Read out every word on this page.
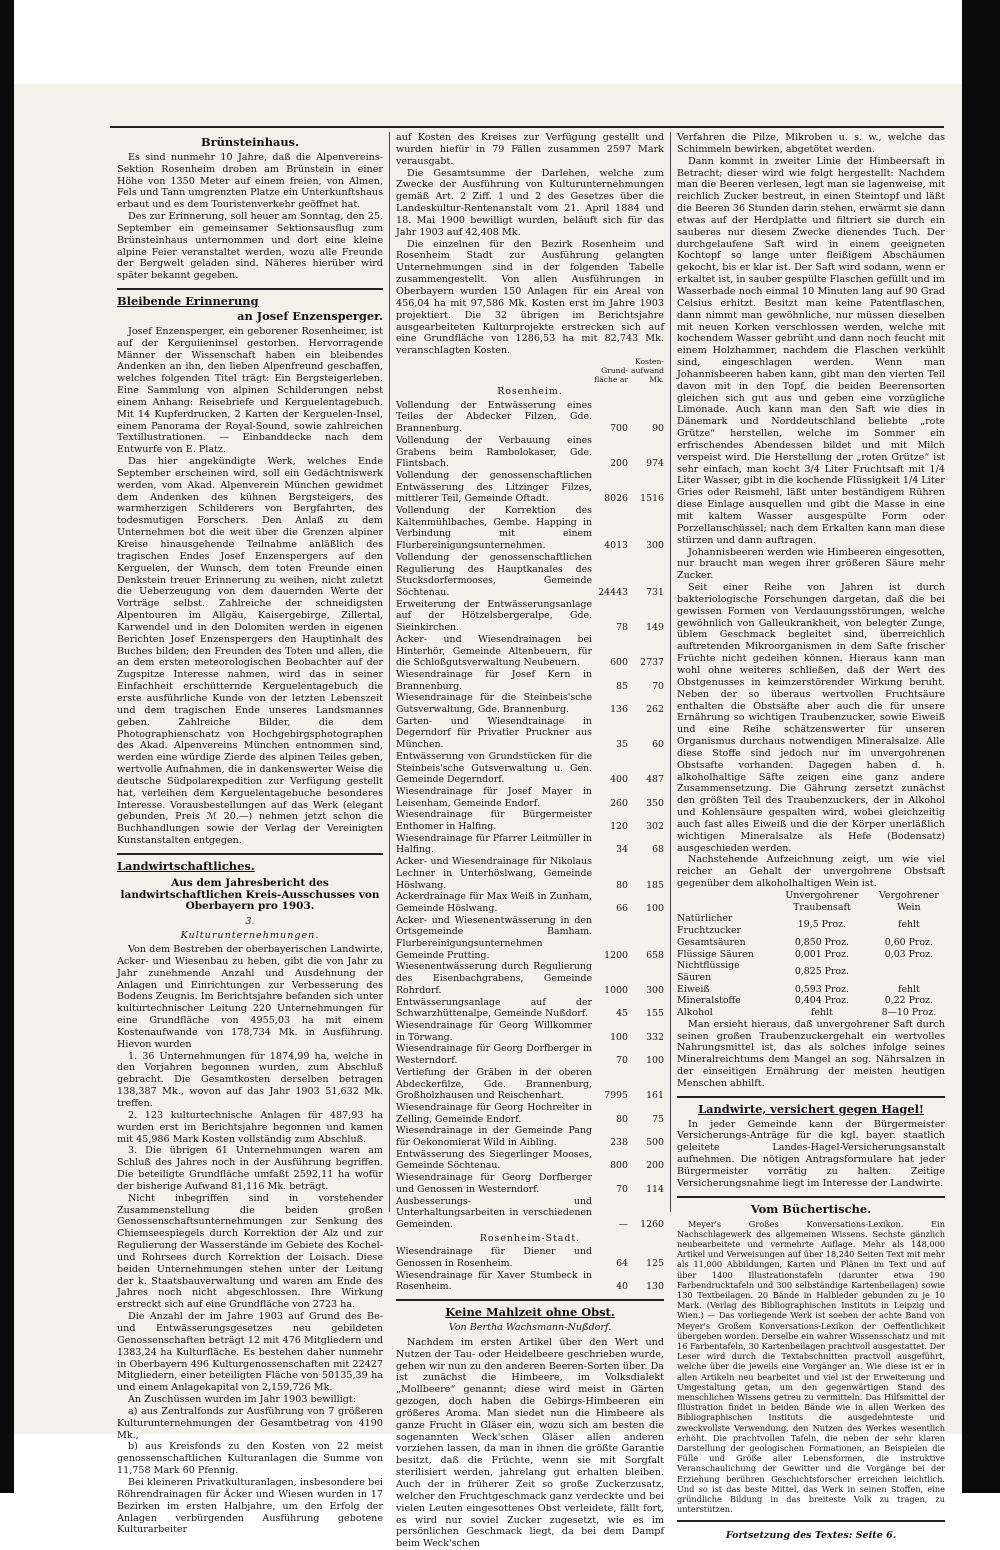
Brünsteinhaus.

Es sind nunmehr 10 Jahre, daß die Alpenvereins-Sektion Rosenheim droben am Brünstein in einer Höhe von 1350 Meter auf einem freien, von Almen, Fels und Tann umgrenzten Platze ein Unterkunftshaus erbaut und es dem Touristenverkehr geöffnet hat.

Des zur Erinnerung, soll heuer am Sonntag, den 25. September ein gemeinsamer Sektionsausflug zum Brünsteinhaus unternommen und dort eine kleine alpine Feier veranstaltet werden, wozu alle Freunde der Bergwelt geladen sind. Näheres hierüber wird später bekannt gegeben.

Bleibende Erinnerung
an Josef Enzensperger.

Josef Enzensperger, ein geborener Rosenheimer, ist auf der Kerguiieninsel gestorben. Hervorragende Männer der Wissenschaft haben ein bleibendes Andenken an ihn, den lieben Alpenfreund geschaffen, welches folgenden Titel trägt: Ein Bergsteigerleben. Eine Sammlung von alpinen Schilderungen nebst einem Anhang: Reisebriefe und Kerguelentagebuch. Mit 14 Kupferdrucken, 2 Karten der Kerguelen-Insel, einem Panorama der Royal-Sound, sowie zahlreichen Textillustrationen. — Einbanddecke nach dem Entwurfe von E. Platz.

Das hier angekündigte Werk, welches Ende September erscheinen wird, soll ein Gedächtniswerk werden, vom Akad. Alpenverein München gewidmet dem Andenken des kühnen Bergsteigers, des warmherzigen Schilderers von Bergfahrten, des todesmutigen Forschers. Den Anlaß zu dem Unternehmen bot die weit über die Grenzen alpiner Kreise hinausgehende Teilnahme anläßlich des tragischen Endes Josef Enzenspergers auf den Kerguelen, der Wunsch, dem toten Freunde einen Denkstein treuer Erinnerung zu weihen, nicht zuletzt die Ueberzeugung von dem dauernden Werte der Vorträge selbst. Zahlreiche der schneidigsten Alpentouren im Allgäu, Kaisergebirge, Zillertal, Karwendel und in den Dolomiten werden in eigenen Berichten Josef Enzenspergers den Hauptinhalt des Buches bilden; den Freunden des Toten und allen, die an dem ersten meteorologischen Beobachter auf der Zugspitze Interesse nahmen, wird das in seiner Einfachheit erschütternde Kerguelentagebuch die erste ausführliche Kunde von der letzten Lebenszeit und dem tragischen Ende unseres Landsmannes geben. Zahlreiche Bilder, die dem Photographienschatz von Hochgebirgsphotographen des Akad. Alpenvereins München entnommen sind, werden eine würdige Zierde des alpinen Teiles geben, wertvolle Aufnahmen, die in dankenswerter Weise die deutsche Südpolarexpedition zur Verfügung gestellt hat, verleihen dem Kerguelentagebuche besonderes Interesse. Vorausbestellungen auf das Werk (elegant gebunden, Preis ℳ 20.—) nehmen jetzt schon die Buchhandlungen sowie der Verlag der Vereinigten Kunstanstalten entgegen.

Landwirtschaftliches.
Aus dem Jahresbericht des landwirtschaftlichen Kreis-Ausschusses von Oberbayern pro 1903.
3.
Kulturunternehmungen.

Von dem Bestreben der oberbayerischen Landwirte, Acker- und Wiesenbau zu heben, gibt die von Jahr zu Jahr zunehmende Anzahl und Ausdehnung der Anlagen und Einrichtungen zur Verbesserung des Bodens Zeugnis. Im Berichtsjahre befanden sich unter kulturtechnischer Leitung 220 Unternehmungen für eine Grundfläche von 4955,03 ha mit einem Kostenaufwande von 178,734 Mk. in Ausführung. Hievon wurden

1. 36 Unternehmungen für 1874,99 ha, welche in den Vorjahren begonnen wurden, zum Abschluß gebracht. Die Gesamtkosten derselben betragen 138,387 Mk., wovon auf das Jahr 1903 51,632 Mk. treffen.

2. 123 kulturtechnische Anlagen für 487,93 ha wurden erst im Berichtsjahre begonnen und kamen mit 45,986 Mark Kosten vollständig zum Abschluß.

3. Die übrigen 61 Unternehmungen waren am Schluß des Jahres noch in der Ausführung begriffen. Die beteiligte Grundfläche umfaßt 2592,11 ha wofür der bisherige Aufwand 81,116 Mk. beträgt.

Nicht inbegriffen sind in vorstehender Zusammenstellung die beiden großen Genossenschaftsunternehmungen zur Senkung des Chiemseespiegels durch Korrektion der Alz und zur Regulierung der Wasserstände im Gebiete des Kochel- und Rohrsees durch Korrektion der Loisach. Diese beiden Unternehmungen stehen unter der Leitung der k. Staatsbauverwaltung und waren am Ende des Jahres noch nicht abgeschlossen. Ihre Wirkung erstreckt sich auf eine Grundfläche von 2723 ha.

Die Anzahl der im Jahre 1903 auf Grund des Be- und Entwässerungsgesetzes neu gebildeten Genossenschaften beträgt 12 mit 476 Mitgliedern und 1383,24 ha Kulturfläche. Es bestehen daher nunmehr in Oberbayern 496 Kulturgenossenschaften mit 22427 Mitgliedern, einer beteiligten Fläche von 50135,39 ha und einem Anlagekapital von 2,159,726 Mk.

An Zuschüssen wurden im Jahr 1903 bewilligt:

a) aus Zentralfonds zur Ausführung von 7 größeren Kulturunternehmungen der Gesamtbetrag von 4190 Mk.,

b) aus Kreisfonds zu den Kosten von 22 meist genossenschaftlichen Kulturanlagen die Summe von 11,758 Mark 60 Pfennig.

Bei kleineren Privatkulturanlagen, insbesondere bei Röhrendrainagen für Äcker und Wiesen wurden in 17 Bezirken im ersten Halbjahre, um den Erfolg der Anlagen verbürgenden Ausführung gebotene Kulturarbeiter

auf Kosten des Kreises zur Verfügung gestellt und wurden hiefür in 79 Fällen zusammen 2597 Mark verausgabt.

Die Gesamtsumme der Darlehen, welche zum Zwecke der Ausführung von Kulturunternehmungen gemäß Art. 2 Ziff. 1 und 2 des Gesetzes über die Landeskultur-Rentenanstalt vom 21. April 1884 und 18. Mai 1900 bewilligt wurden, beläuft sich für das Jahr 1903 auf 42,408 Mk.

Die einzelnen für den Bezirk Rosenheim und Rosenheim Stadt zur Ausführung gelangten Unternehmungen sind in der folgenden Tabelle zusammengestellt. Von allen Ausführungen in Oberbayern wurden 150 Anlagen für ein Areal von 456,04 ha mit 97,586 Mk. Kosten erst im Jahre 1903 projektiert. Die 32 übrigen im Berichtsjahre ausgearbeiteten Kulturprojekte erstrecken sich auf eine Grundfläche von 1286,53 ha mit 82,743 Mk. veranschlagten Kosten.

	Grund-fläche ar	Kosten-aufwand Mk.
Rosenheim.		
Vollendung der Entwässerung eines Teiles der Abdecker Filzen, Gde. Brannenburg.	700	90
Vollendung der Verbauung eines Grabens beim Rambolokaser, Gde. Flintsbach.	200	974
Vollendung der genossenschaftlichen Entwässerung des Litzinger Filzes, mittlerer Teil, Gemeinde Oftadt.	8026	1516
Vollendung der Korrektion des Kaltenmühlbaches, Gembe. Happing in Verbindung mit einem Flurbereinigungsunternehmen.	4013	300
Vollendung der genossenschaftlichen Regulierung des Hauptkanales des Stucksdorfermooses, Gemeinde Söchtenau.	24443	731
Erweiterung der Entwässerungsanlage auf der Hötzelsbergeralpe, Gde. Sieinkirchen.	78	149
Acker- und Wiesendrainagen bei Hinterhör, Gemeinde Altenbeuern, für die Schloßgutsverwaltung Neubeuern.	600	2737
Wiesendrainage für Josef Kern in Brannenburg.	85	70
Wiesendrainage für die Steinbeis'sche Gutsverwaltung, Gde. Brannenburg.	136	262
Garten- und Wiesendrainage in Degerndorf für Privatier Pruckner aus München.	35	60
Entwässerung von Grundstücken für die Steinbeis'sche Gutsverwaltung u. Gen. Gemeinde Degerndorf.	400	487
Wiesendrainage für Josef Mayer in Leisenham, Gemeinde Endorf.	260	350
Wiesendrainage für Bürgermeister Enthomer in Halfing.	120	302
Wiesendrainage für Pfarrer Leitmüller in Halfing.	34	68
Acker- und Wiesendrainage für Nikolaus Lechner in Unterhöslwang, Gemeinde Höslwang.	80	185
Ackerdrainage für Max Weiß in Zunham, Gemeinde Höslwang.	66	100
Acker- und Wiesenentwässerung in den Ortsgemeinde Bamham. Flurbereinigungsunternehmen Gemeinde Prutting.	1200	658
Wiesenentwässerung durch Regulierung des Eisenbachgrabens, Gemeinde Rohrdorf.	1000	300
Entwässerungsanlage auf der Schwarzhüttenalpe, Gemeinde Nußdorf.	45	155
Wiesendrainage für Georg Willkommer in Törwang.	100	332
Wiesendrainage für Georg Dorfberger in Westerndorf.	70	100
Vertiefung der Gräben in der oberen Abdeckerfilze, Gde. Brannenburg, Großholzhausen und Reischenhart.	7995	161
Wiesendrainage für Georg Hochreiter in Zelling, Gemeinde Endorf.	80	75
Wiesendrainage in der Gemeinde Pang für Oekonomierat Wild in Aibling.	238	500
Entwässerung des Siegerlinger Mooses, Gemeinde Söchtenau.	800	200
Wiesendrainage für Georg Dorfberger und Genossen in Westerndorf.	70	114
Ausbesserungs- und Unterhaltungsarbeiten in verschiedenen Gemeinden.	—	1260
Rosenheim-Stadt.		
Wiesendrainage für Diener und Genossen in Rosenheim.	64	125
Wiesendrainage für Xaver Stumbeck in Rosenheim.	40	130
Keine Mahlzeit ohne Obst.
Von Bertha Wachsmann-Nußdorf.

Nachdem im ersten Artikel über den Wert und Nutzen der Tau- oder Heidelbeere geschrieben wurde, gehen wir nun zu den anderen Beeren-Sorten über. Da ist zunächst die Himbeere, im Volksdialekt „Mollbeere“ genannt; diese wird meist in Gärten gezogen, doch haben die Gebirgs-Himbeeren ein größeres Aroma. Man siedet nun die Himbeere als ganze Frucht in Gläser ein, wozu sich am besten die sogenannten Weck'schen Gläser allen anderen vorziehen lassen, da man in ihnen die größte Garantie besitzt, daß die Früchte, wenn sie mit Sorgfalt sterilisiert werden, jahrelang gut erhalten bleiben. Auch der in früherer Zeit so große Zuckerzusatz, welcher den Fruchtgeschmack ganz verdeckte und bei vielen Leuten eingesottenes Obst verleidete, fällt fort, es wird nur soviel Zucker zugesetzt, wie es im persönlichen Geschmack liegt, da bei dem Dampf beim Weck'schen

Verfahren die Pilze, Mikroben u. s. w., welche das Schimmeln bewirken, abgetötet werden.

Dann kommt in zweiter Linie der Himbeersaft in Betracht; dieser wird wie folgt hergestellt: Nachdem man die Beeren verlesen, legt man sie lagenweise, mit reichlich Zucker bestreut, in einen Steintopf und läßt die Beeren 36 Stunden darin stehen, erwärmt sie dann etwas auf der Herdplatte und filtriert sie durch ein sauberes nur diesem Zwecke dienendes Tuch. Der durchgelaufene Saft wird in einem geeigneten Kochtopf so lange unter fleißigem Abschäumen gekocht, bis er klar ist. Der Saft wird sodann, wenn er erkaltet ist, in sauber gespülte Flaschen gefüllt und im Wasserbade noch einmal 10 Minuten lang auf 90 Grad Celsius erhitzt. Besitzt man keine Patentflaschen, dann nimmt man gewöhnliche, nur müssen dieselben mit neuen Korken verschlossen werden, welche mit kochendem Wasser gebrüht und dann noch feucht mit einem Holzhammer, nachdem die Flaschen verkühlt sind, eingeschlagen werden. Wenn man Johannisbeeren haben kann, gibt man den vierten Teil davon mit in den Topf, die beiden Beerensorten gleichen sich gut aus und geben eine vorzügliche Limonade. Auch kann man den Saft wie dies in Dänemark und Norddeutschland beliebte „rote Grütze“ herstellen, welche im Sommer ein erfrischendes Abendessen bildet und mit Milch verspeist wird. Die Herstellung der „roten Grütze“ ist sehr einfach, man kocht 3/4 Liter Fruchtsaft mit 1/4 Liter Wasser, gibt in die kochende Flüssigkeit 1/4 Liter Gries oder Reismehl, läßt unter beständigem Rühren diese Einlage ausquellen und gibt die Masse in eine mit kaltem Wasser ausgespülte Form oder Porzellanschüssel; nach dem Erkalten kann man diese stürzen und dann auftragen.

Johannisbeeren werden wie Himbeeren eingesotten, nur braucht man wegen ihrer größeren Säure mehr Zucker.

Seit einer Reihe von Jahren ist durch bakteriologische Forschungen dargetan, daß die bei gewissen Formen von Verdauungsstörungen, welche gewöhnlich von Galleukrankheit, von belegter Zunge, üblem Geschmack begleitet sind, überreichlich auftretenden Mikroorganismen in dem Safte frischer Früchte nicht gedeihen können. Hieraus kann man wohl ohne weiteres schließen, daß der Wert des Obstgenusses in keimzerstörender Wirkung beruht. Neben der so überaus wertvollen Fruchtsäure enthalten die Obstsäfte aber auch die für unsere Ernährung so wichtigen Traubenzucker, sowie Eiweiß und eine Reihe schätzenswerter für unseren Organismus durchaus notwendigen Mineralsalze. Alle diese Stoffe sind jedoch nur im unvergohrenen Obstsafte vorhanden. Dagegen haben d. h. alkoholhaltige Säfte zeigen eine ganz andere Zusammensetzung. Die Gährung zersetzt zunächst den größten Teil des Traubenzuckers, der in Alkohol und Kohlensäure gespalten wird, wobei gleichzeitig auch fast alles Eiweiß und die der Körper unerläßlich wichtigen Mineralsalze als Hefe (Bodensatz) ausgeschieden werden.

Nachstehende Aufzeichnung zeigt, um wie viel reicher an Gehalt der unvergohrene Obstsaft gegenüber dem alkoholhaltigen Wein ist.

	Unvergohrener Traubensaft	Vergohrener Wein
Natürlicher Fruchtzucker	19,5 Proz.	fehlt
Gesamtsäuren	0,850 Proz.	0,60 Proz.
Flüssige Säuren	0,001 Proz.	0,03 Proz.
Nichtflüssige Säuren	0,825 Proz.	
Eiweiß	0,593 Proz.	fehlt
Mineralstoffe	0,404 Proz.	0,22 Proz.
Alkohol	fehlt	8—10 Proz.

Man ersieht hieraus, daß unvergohrener Saft durch seinen großen Traubenzuckergehalt ein wertvolles Nahrungsmittel ist, das als solches infolge seines Mineralreichtums dem Mangel an sog. Nährsalzen in der einseitigen Ernährung der meisten heutigen Menschen abhilft.

Landwirte, versichert gegen Hagel!

In jeder Gemeinde kann der Bürgermeister Versicherungs-Anträge für die kgl. bayer. staatlich geleitete Landes-Hagel-Versicherungsanstalt aufnehmen. Die nötigen Antragsformulare hat jeder Bürgermeister vorrätig zu halten. Zeitige Versicherungsnahme liegt im Interesse der Landwirte.

Vom Büchertische.

Meyer's Großes Konversations-Lexikon. Ein Nachschlagewerk des allgemeinen Wissens. Sechste gänzlich neubearbeitete und vermehrte Auflage. Mehr als 148,000 Artikel und Verweisungen auf über 18,240 Seiten Text mit mehr als 11,000 Abbildungen, Karten und Plänen im Text und auf über 1400 Illustrationstafeln (darunter etwa 190 Farbendrucktafeln und 300 selbständige Kartenbeilagen) sowie 130 Textbeilagen. 20 Bände in Halbleder gebunden zu je 10 Mark. (Verlag des Bibliographischen Instituts in Leipzig und Wien.) — Das vorliegende Werk ist soeben der achte Band von Meyer's Großem Konversations-Lexikon der Oeffentlichkeit übergeben worden. Derselbe ein wahrer Wissensschatz und mit 16 Farbentafeln, 30 Kartenbeilagen prachtvoll ausgestattet. Der Leser wird durch die Textabschnitten practvoll ausgeführt, welche über die jeweils eine Vorgänger an. Wie diese ist er in allen Artikeln neu bearbeitet und viel ist der Erweiterung und Umgestaltung getan, um den gegenwärtigen Stand des menschlichen Wissens getreu zu vermitteln. Das Hilfsmittel der Illustration findet in beiden Bände wie in allen Werken des Bibliographischen Instituts die ausgedehnteste und zweckvollste Verwendung, den Nutzen des Werkes wesentlich erhöht. Die prachtvollen Tafeln, die neben der sehr klaren Darstellung der geologischen Formationen, an Beispielen die Fülle und Größe aller Lebensformen, die instruktive Veranschaulichung der Gewitter und die Vorgänge bei der Erziehung berühren Geschichtsforscher erreichen leichtlich. Und so ist das beste Mittel, das Werk in seinen Stoffen, eine gründliche Bildung in das breiteste Volk zu tragen, zu unterstützen.

Fortsetzung des Textes: Seite 6.
